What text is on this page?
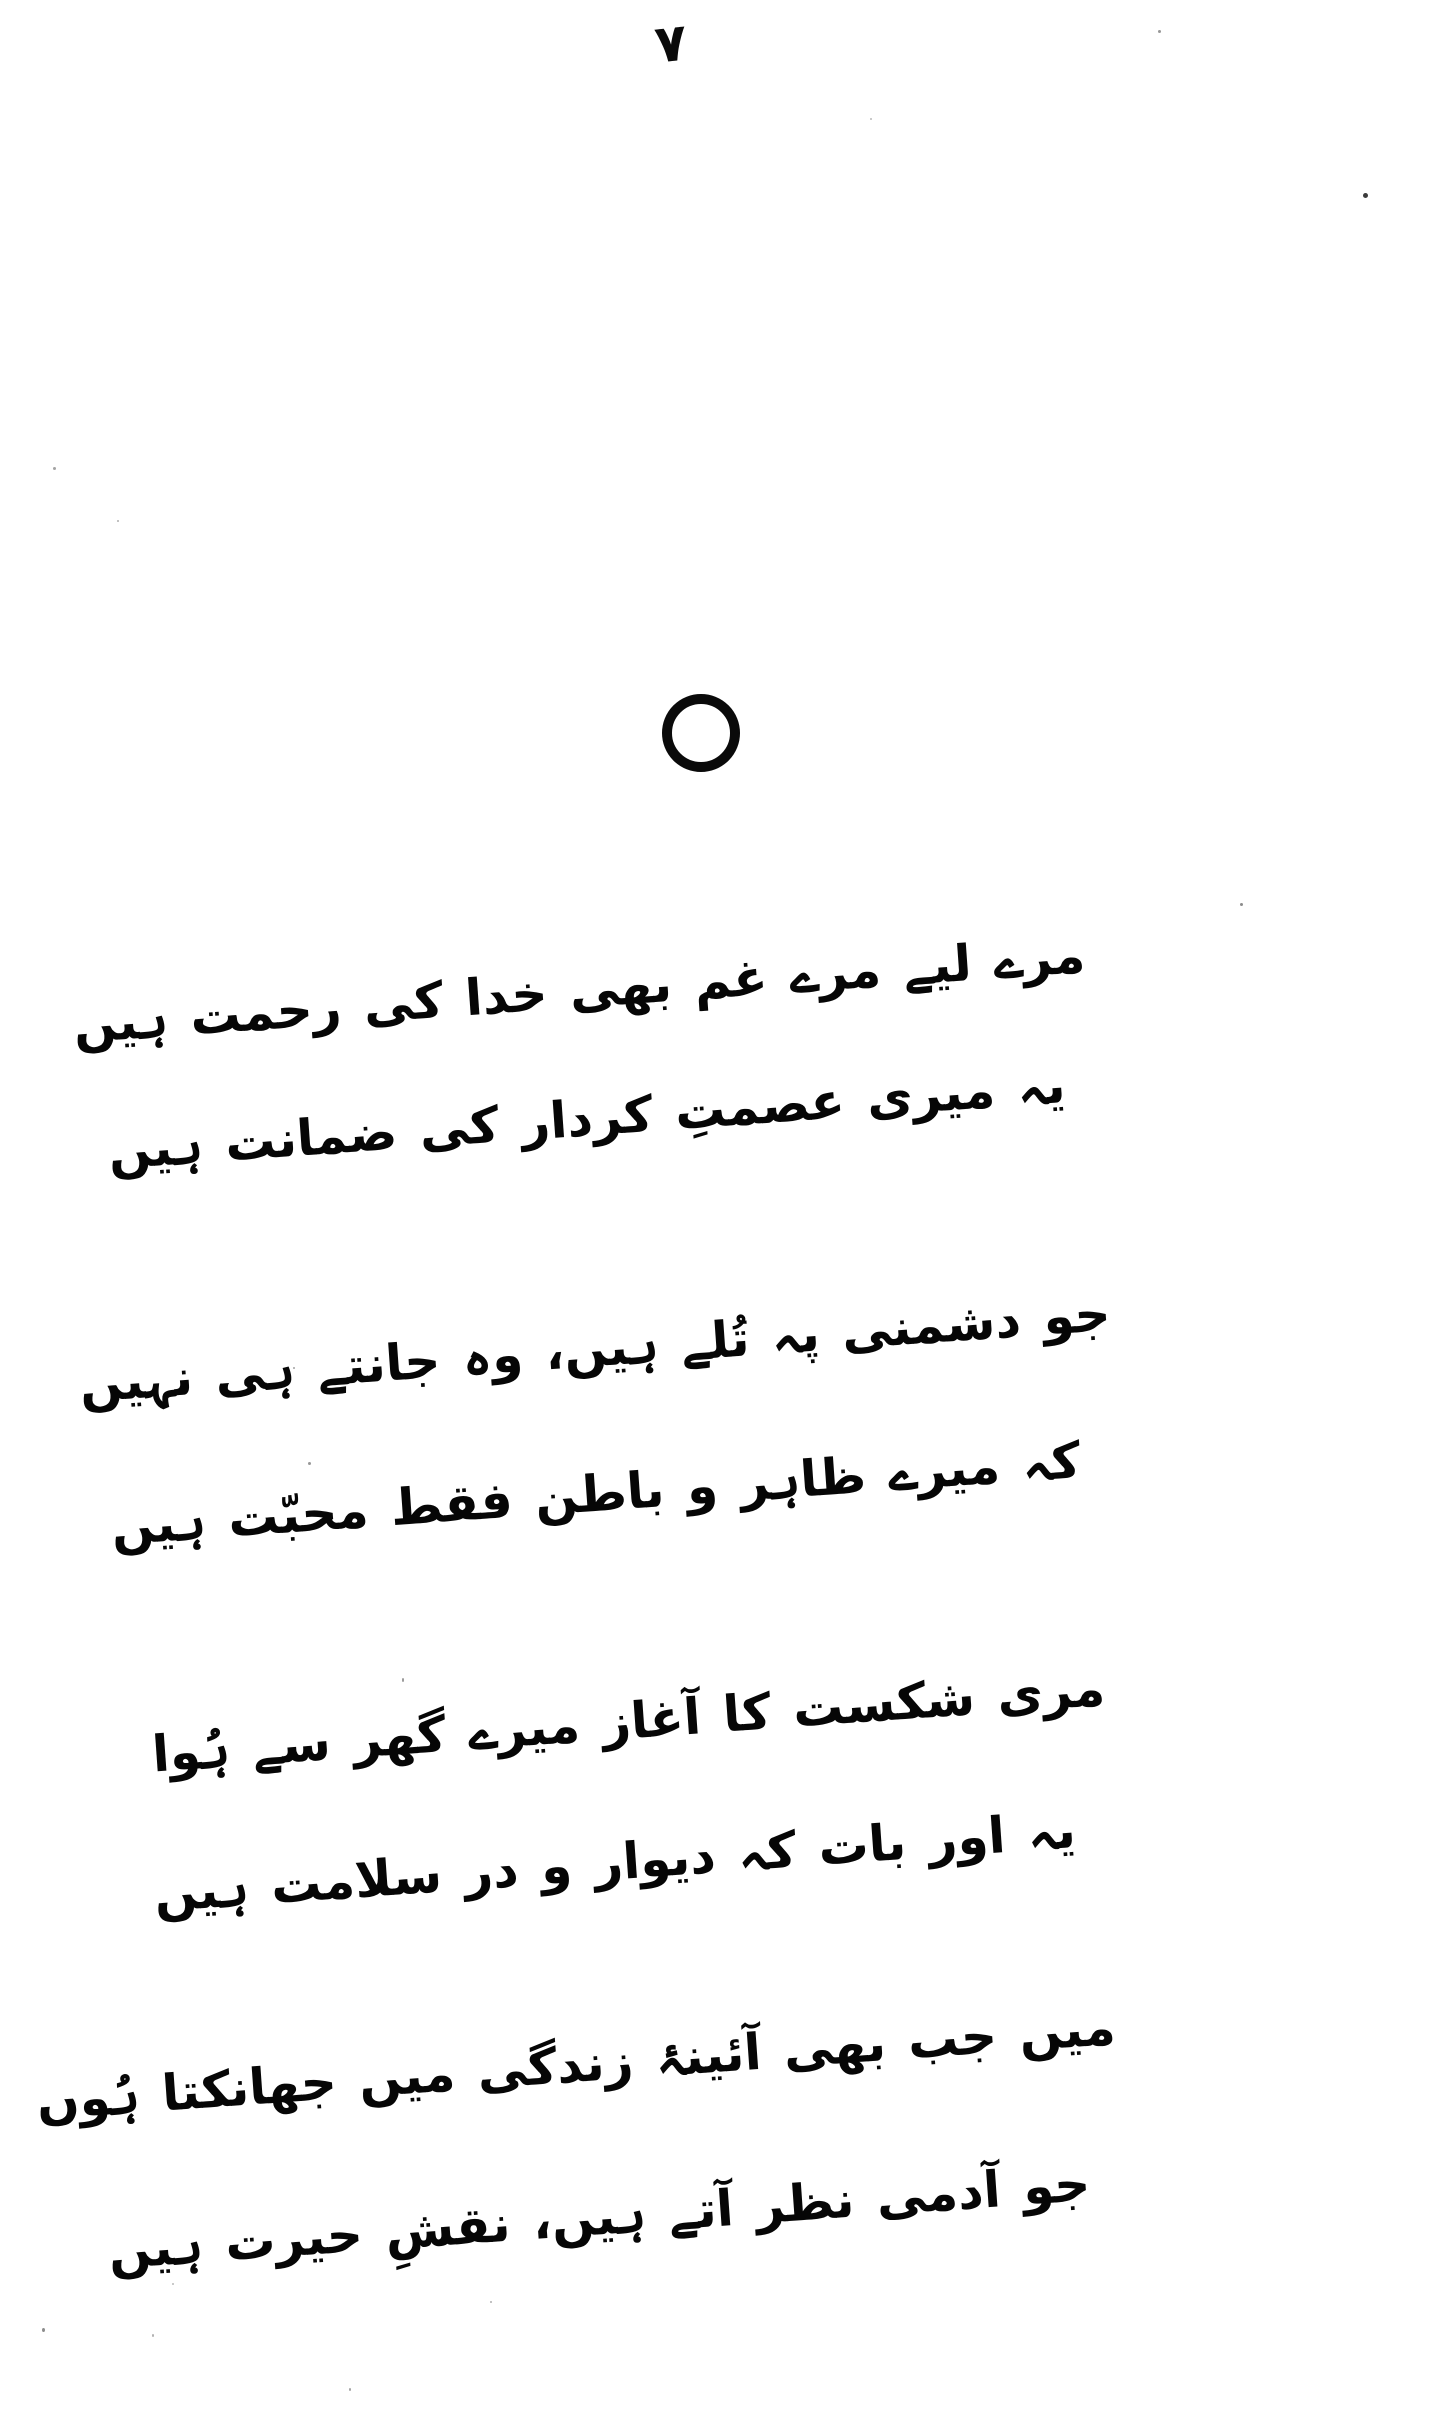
۷
مرے لیے مرے غم بھی خدا کی رحمت ہیں
یہ میری عصمتِ کردار کی ضمانت ہیں
جو دشمنی پہ تُلے ہیں، وہ جانتے ہی نہیں
کہ میرے ظاہر و باطن فقط محبّت ہیں
مری شکست کا آغاز میرے گھر سے ہُوا
یہ اور بات کہ دیوار و در سلامت ہیں
میں جب بھی آئینۂ زندگی میں جھانکتا ہُوں
جو آدمی نظر آتے ہیں، نقشِ حیرت ہیں
